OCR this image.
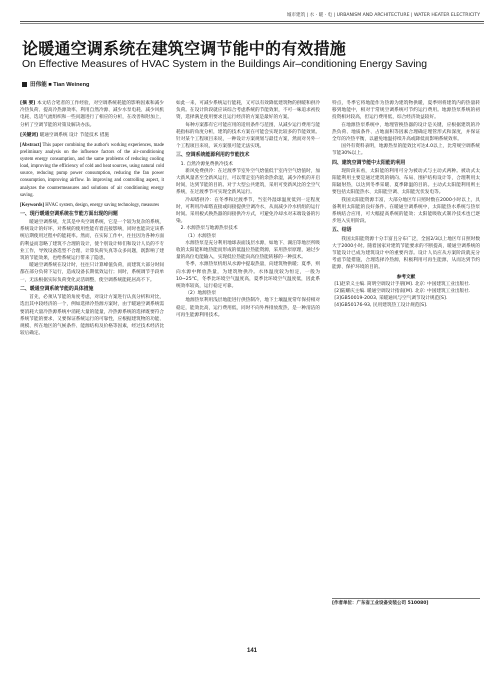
城市建筑 | 水 · 暖 · 电 | URBANISM AND ARCHITECTURE | WATER HEATER ELECTRICITY
论暖通空调系统在建筑空调节能中的有效措施
On Effective Measures of HVAC System in the Buildings Air–conditioning Energy Saving
田伟能 ■ Tian Weineng

[摘 要] 本文结合笔者的工作经验，对空调系统耗能的影响因素和减少冷热负荷、提高冷热源效率、利用自然冷源、减少水泵电耗、减少风机电耗、选适气流组织和一些问题进行了相应的分析，在改善和附加上，分析了空调节能的对策及解决办法。

[关键词] 暖通空调系统 设计 节能技术 措施

[Abstract] This paper combining the author's working experiences, made preliminary analysis on the influence factors of the air-conditioning system energy consumption, and the same problems of reducing cooling load, improving the efficiency of cold and heat sources, using natural cold source, reducing pump power consumption, reducing the fan power consumption, improving airflow. In improving and controlling aspect, it analyzes the countermeasures and solutions of air conditioning energy saving.

[Keywords] HVAC system, design, energy saving technology, measures

一、现行暖通空调系统在节能方面出现的问题

暖通空调系统，尤其是中央空调系统，它是一个较为复杂的系统，系统设计的好坏，对系统的使用性能有着直接影响，同时也能决定该系统后期使用过程中的能耗率。然而，在实际工作中，往往因为各种方面的利益而忽略了建筑不合理的设计，使个别设计师们和设计人员的不专业工作，导致设备选型不合理、计算负荷失真等众多问题，既影响了建筑的节能效果，也给系统运行带来了隐患。

暖通空调系统在设计时，往往只计算峰值负荷，而建筑大部分时间都在部分负荷下运行，造成设备长期低效运行；同时，系统调节手段单一，无法根据实际负荷变化灵活调整，使空调系统能耗居高不下。

二、暖通空调系统节能的具体措施

首先，必须从节能的角度考虑，对设计方案进行认真分析和对比，选出其中较经济的一个，例如选择冷热源方案时，由于暖通空调系统需要消耗大量冷热源系统中消耗大量的能量，冷热源系统的选择既要符合系统节能的要求，又要保证系统运行的可靠性，应根据建筑物的功能、规模、所在地区的气候条件、能源结构及价格等因素，经过技术经济比较后确定。

如此一来，可减少系统运行能耗，又可以有效降低建筑物的供暖和供冷负荷。在设计阶段就应该综合考虑系统的节能效果，不可一味追求初投资，选择满足使用要求且运行经济的方案是最好的方案。

每种方案都有它可能应用的适用条件与范围，从减少运行费用与能耗指标的角度分析，建筑的技术方案在可能会实现比较多的节能效果。针对某个工程项目来说，一种设计方案规划与最佳方案，然而对另外一个工程项目来说，该方案很可能无法实现。

三、空调系统能源利用的节能技术

1. 自然冷源免费供冷技术

新风免费供冷：在过渡季节室外空气焓值低于室内空气焓值时，加大新风量甚至全新风运行，可以带走室内的余热余湿，减少冷机的开启时间，达到节能的目的。对于大型公共建筑，采用可变新风比的全空气系统，在过渡季节可实现全新风运行。

冷却塔供冷：在冬季和过渡季节，当室外湿球温度低到一定程度时，可利用冷却塔直接或间接提供空调冷水，从而减少冷水机组的运行时间。采用板式换热器的间接供冷方式，可避免冷却水对末端设备的污染。

2. 水源热泵与地源热泵技术

（1）水源热泵

水源热泵是充分利用地球表面浅层水源，如地下、湖泊等地层所吸收的太阳能和地热能而形成的低温位热能资源，采用热泵原理，通过少量的高位电能输入，实现低位热能向高位热能转移的一种技术。

冬季，水源热泵机组从水源中提取热量，向建筑物供暖；夏季，则向水源中释放热量，为建筑物供冷。水体温度较为恒定，一般为10~25℃，冬季比环境空气温度高，夏季比环境空气温度低，因此系统效率较高，运行稳定可靠。

（2）地源热泵

地源热泵利用浅层地能进行供热制冷，地下土壤温度常年保持相对稳定，能效比高，运行费用低，同时不向外界排放废热，是一种清洁的可再生能源利用技术。

特点，冬季它将地能作为热源为建筑物供暖，夏季则将建筑内的热量转移到地能中，相对于常规空调系统可节约运行费用。地源热泵系统的初投资相对较高，但运行费用低，综合经济效益较好。

在地源热泵系统中，地埋管换热器的设计是关键，应根据建筑的冷热负荷、地质条件、占地面积等因素合理确定埋管形式和深度，并保证全年的冷热平衡，以避免地温持续升高或降低而影响系统效率。

国外有资料表明，地源热泵的能效比可达4.0以上，比常规空调系统节能30%以上。

四、建筑空调节能中太阳能的利用

现阶段来看，太阳能的利用可分为被动式与主动式两种。被动式太阳能利用主要是通过建筑的朝向、布局、围护结构设计等，合理利用太阳辐射热，以达到冬季采暖、夏季降温的目的。主动式太阳能利用则主要包括太阳能热水、太阳能空调、太阳能光伏发电等。

我国太阳能资源丰富，大部分地区年日照时数在2000小时以上，具备利用太阳能的良好条件。在暖通空调系统中，太阳能热水系统与热泵系统结合应用，可大幅提高系统的能效；太阳能吸收式制冷技术也已逐步进入实用阶段。

五、结语

我国太阳能资源十分丰富且分布广泛，全国2/3以上地区年日照时数大于2000小时。随着国家对建筑节能要求的不断提高，暖通空调系统的节能设计已成为建筑设计中的重要内容。设计人员应从方案阶段就充分考虑节能措施，合理选择冷热源，积极利用可再生能源，从而达到节约能源、保护环境的目的。

参考文献

[1]赵荣义主编. 简明空调设计手册[M]. 北京: 中国建筑工业出版社.

[2]陆耀庆主编. 暖通空调设计指南[M]. 北京: 中国建筑工业出版社.

[3]GB50019-2003, 采暖通风与空气调节设计规范[S].

[4]GB50176-93, 民用建筑热工设计规范[S].

[作者单位：广东省工业设备安装公司 510080]
141
